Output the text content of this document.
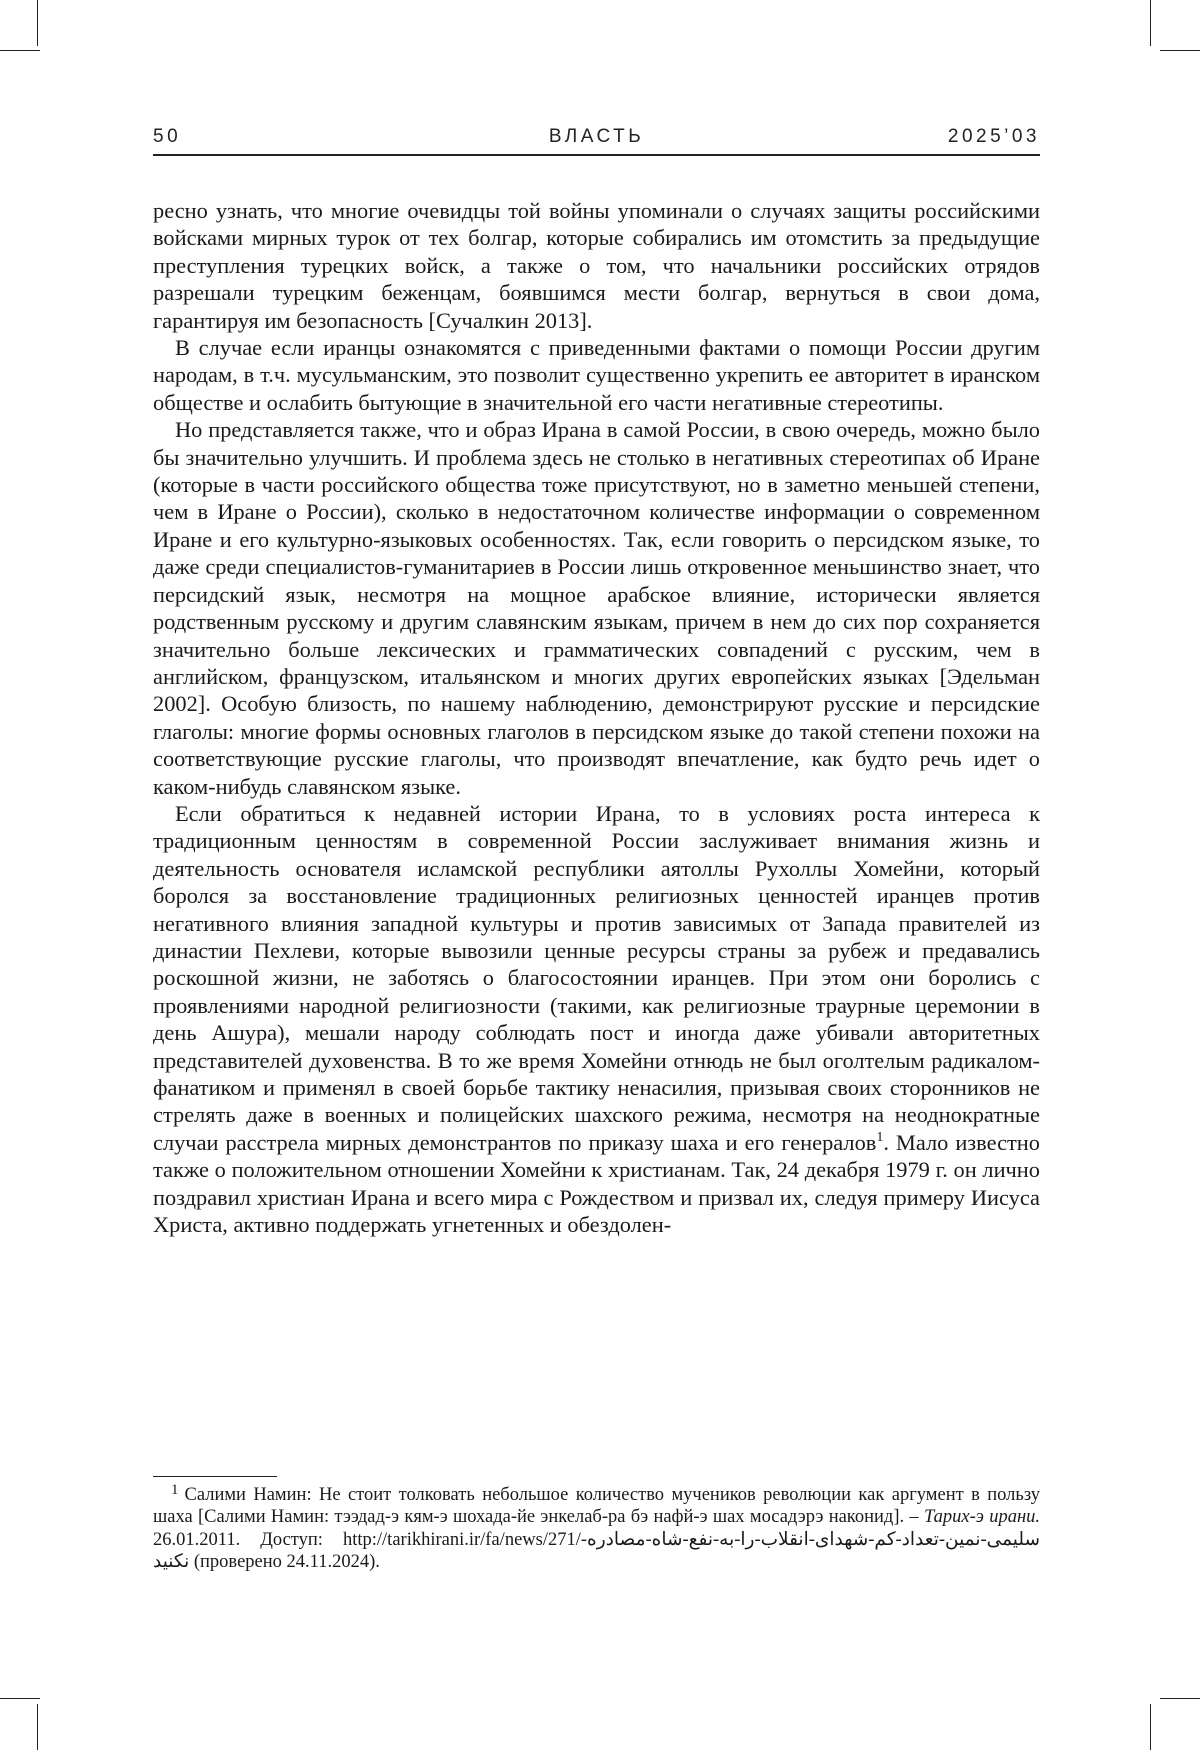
50	ВЛАСТЬ	2025’03

ресно узнать, что многие очевидцы той войны упоминали о случаях защиты российскими войсками мирных турок от тех болгар, которые собирались им отомстить за предыдущие преступления турецких войск, а также о том, что начальники российских отрядов разрешали турецким беженцам, боявшимся мести болгар, вернуться в свои дома, гарантируя им безопасность [Сучалкин 2013].

В случае если иранцы ознакомятся с приведенными фактами о помощи России другим народам, в т.ч. мусульманским, это позволит существенно укрепить ее авторитет в иранском обществе и ослабить бытующие в значительной его части негативные стереотипы.

Но представляется также, что и образ Ирана в самой России, в свою очередь, можно было бы значительно улучшить. И проблема здесь не столько в негативных стереотипах об Иране (которые в части российского общества тоже присутствуют, но в заметно меньшей степени, чем в Иране о России), сколько в недостаточном количестве информации о современном Иране и его культурно-языковых особенностях. Так, если говорить о персидском языке, то даже среди специалистов-гуманитариев в России лишь откровенное меньшинство знает, что персидский язык, несмотря на мощное арабское влияние, исторически является родственным русскому и другим славянским языкам, причем в нем до сих пор сохраняется значительно больше лексических и грамматических совпадений с русским, чем в английском, французском, итальянском и многих других европейских языках [Эдельман 2002]. Особую близость, по нашему наблюдению, демонстрируют русские и персидские глаголы: многие формы основных глаголов в персидском языке до такой степени похожи на соответствующие русские глаголы, что производят впечатление, как будто речь идет о каком-нибудь славянском языке.

Если обратиться к недавней истории Ирана, то в условиях роста интереса к традиционным ценностям в современной России заслуживает внимания жизнь и деятельность основателя исламской республики аятоллы Рухоллы Хомейни, который боролся за восстановление традиционных религиозных ценностей иранцев против негативного влияния западной культуры и против зависимых от Запада правителей из династии Пехлеви, которые вывозили ценные ресурсы страны за рубеж и предавались роскошной жизни, не заботясь о благосостоянии иранцев. При этом они боролись с проявлениями народной религиозности (такими, как религиозные траурные церемонии в день Ашура), мешали народу соблюдать пост и иногда даже убивали авторитетных представителей духовенства. В то же время Хомейни отнюдь не был оголтелым радикалом-фанатиком и применял в своей борьбе тактику ненасилия, призывая своих сторонников не стрелять даже в военных и полицейских шахского режима, несмотря на неоднократные случаи расстрела мирных демонстрантов по приказу шаха и его генералов$^1$. Мало известно также о положительном отношении Хомейни к христианам. Так, 24 декабря 1979 г. он лично поздравил христиан Ирана и всего мира с Рождеством и призвал их, следуя примеру Иисуса Христа, активно поддержать угнетенных и обездолен-

$^1$ Салими Намин: Не стоит толковать небольшое количество мучеников революции как аргумент в пользу шаха [Салими Намин: тээдад-э кям-э шохада-йе энкелаб-ра бэ нафй-э шах мосадэрэ наконид]. – Тарих-э ирани. 26.01.2011. Доступ: http://tarikhirani.ir/fa/news/271/سلیمی-نمین-تعداد-کم-شهدای-انقلاب-را-به-نفع-شاه-مصادره-نکنید (проверено 24.11.2024).
